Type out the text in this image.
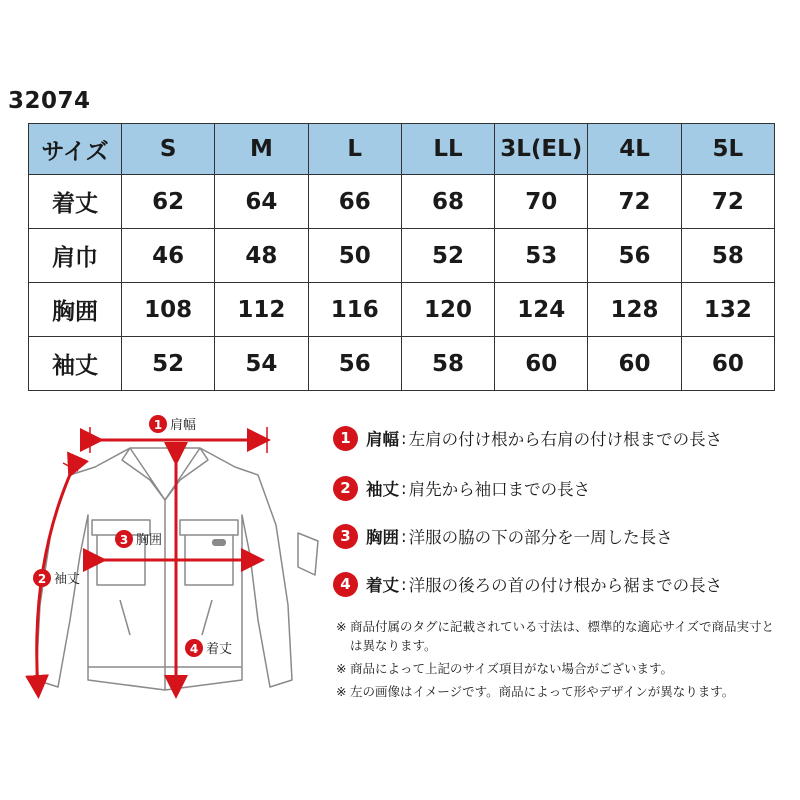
32074
サイズ	S	M	L	LL	3L(EL)	4L	5L
着丈	62	64	66	68	70	72	72
肩巾	46	48	50	52	53	56	58
胸囲	108	112	116	120	124	128	132
袖丈	52	54	56	58	60	60	60
1 肩幅
2 袖丈
3 胸囲
4 着丈
1 肩幅 : 左肩の付け根から右肩の付け根までの長さ
2 袖丈 : 肩先から袖口までの長さ
3 胸囲 : 洋服の脇の下の部分を一周した長さ
4 着丈 : 洋服の後ろの首の付け根から裾までの長さ
※ 商品付属のタグに記載されている寸法は、標準的な適応サイズで商品実寸とは異なります。
※ 商品によって上記のサイズ項目がない場合がございます。
※ 左の画像はイメージです。商品によって形やデザインが異なります。
